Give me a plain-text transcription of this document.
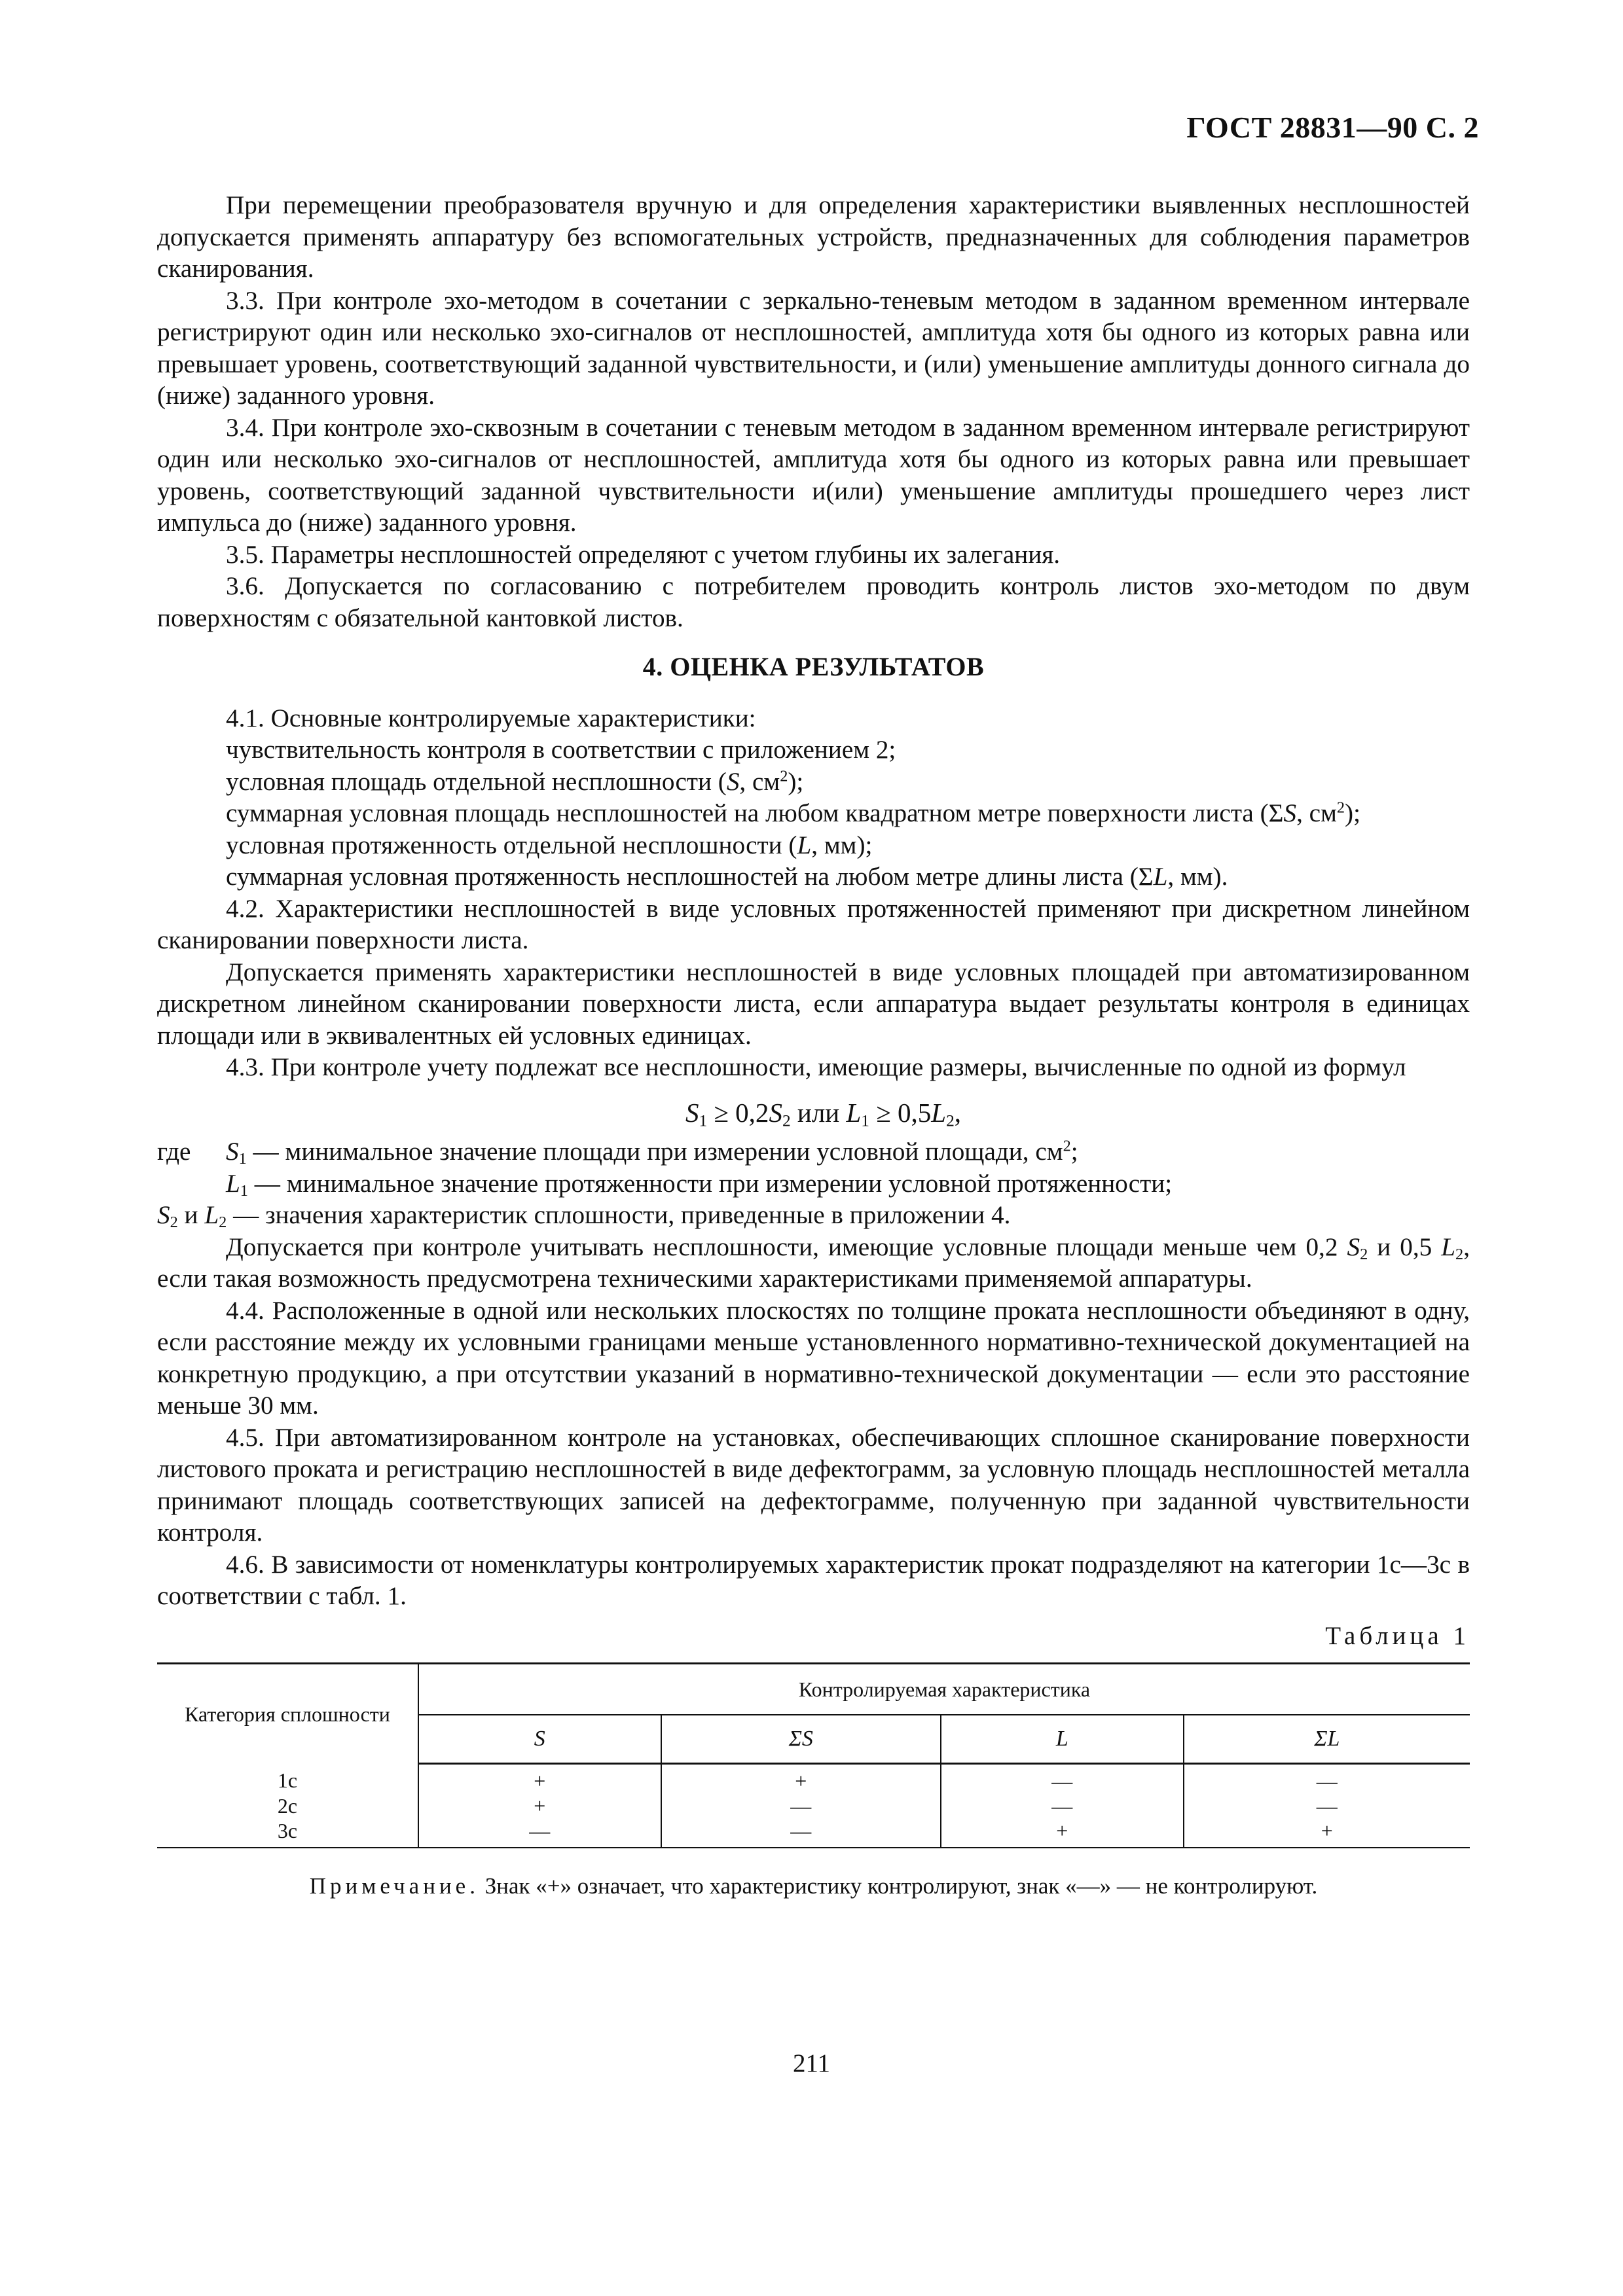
ГОСТ 28831—90 С. 2

При перемещении преобразователя вручную и для определения характеристики выявленных несплошностей допускается применять аппаратуру без вспомогательных устройств, предназначенных для соблюдения параметров сканирования.

3.3. При контроле эхо-методом в сочетании с зеркально-теневым методом в заданном временном интервале регистрируют один или несколько эхо-сигналов от несплошностей, амплитуда хотя бы одного из которых равна или превышает уровень, соответствующий заданной чувствительности, и (или) уменьшение амплитуды донного сигнала до (ниже) заданного уровня.

3.4. При контроле эхо-сквозным в сочетании с теневым методом в заданном временном интервале регистрируют один или несколько эхо-сигналов от несплошностей, амплитуда хотя бы одного из которых равна или превышает уровень, соответствующий заданной чувствительности и(или) уменьшение амплитуды прошедшего через лист импульса до (ниже) заданного уровня.

3.5. Параметры несплошностей определяют с учетом глубины их залегания.

3.6. Допускается по согласованию с потребителем проводить контроль листов эхо-методом по двум поверхностям с обязательной кантовкой листов.

4. ОЦЕНКА РЕЗУЛЬТАТОВ

4.1. Основные контролируемые характеристики:

чувствительность контроля в соответствии с приложением 2;

условная площадь отдельной несплошности (S, $см^2$);

суммарная условная площадь несплошностей на любом квадратном метре поверхности листа (ΣS, $см^2$);

условная протяженность отдельной несплошности (L, мм);

суммарная условная протяженность несплошностей на любом метре длины листа (ΣL, мм).

4.2. Характеристики несплошностей в виде условных протяженностей применяют при дискретном линейном сканировании поверхности листа.

Допускается применять характеристики несплошностей в виде условных площадей при автоматизированном дискретном линейном сканировании поверхности листа, если аппаратура выдает результаты контроля в единицах площади или в эквивалентных ей условных единицах.

4.3. При контроле учету подлежат все несплошности, имеющие размеры, вычисленные по одной из формул

$S_1 \ge 0,2S_2$ или $L_1 \ge 0,5L_2$,

где $S_1$ — минимальное значение площади при измерении условной площади, $см^2$;

$L_1$ — минимальное значение протяженности при измерении условной протяженности;

$S_2$ и $L_2$ — значения характеристик сплошности, приведенные в приложении 4.

Допускается при контроле учитывать несплошности, имеющие условные площади меньше чем 0,2 $S_2$ и 0,5 $L_2$, если такая возможность предусмотрена техническими характеристиками применяемой аппаратуры.

4.4. Расположенные в одной или нескольких плоскостях по толщине проката несплошности объединяют в одну, если расстояние между их условными границами меньше установленного нормативно-технической документацией на конкретную продукцию, а при отсутствии указаний в нормативно-технической документации — если это расстояние меньше 30 мм.

4.5. При автоматизированном контроле на установках, обеспечивающих сплошное сканирование поверхности листового проката и регистрацию несплошностей в виде дефектограмм, за условную площадь несплошностей металла принимают площадь соответствующих записей на дефектограмме, полученную при заданной чувствительности контроля.

4.6. В зависимости от номенклатуры контролируемых характеристик прокат подразделяют на категории 1с—3с в соответствии с табл. 1.

Таблица 1

Категория сплошности	Контролируемая характеристика			
	S	ΣS	L	ΣL
1с	+	+	—	—
2с	+	—	—	—
3с	—	—	+	+

Примечание. Знак «+» означает, что характеристику контролируют, знак «—» — не контролируют.

211
